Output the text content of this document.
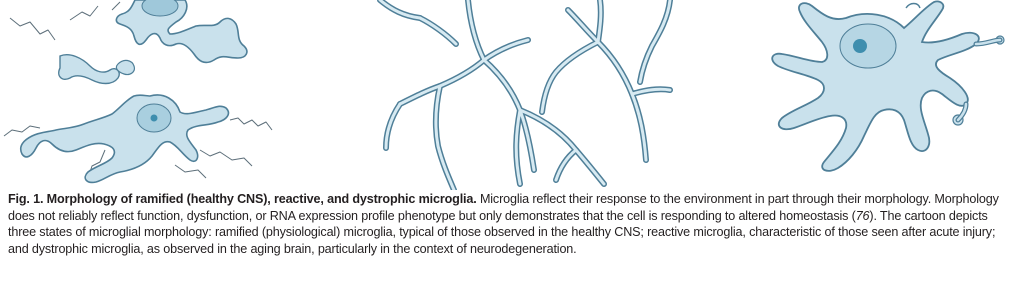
Fig. 1. Morphology of ramified (healthy CNS), reactive, and dystrophic microglia. Microglia reflect their response to the environment in part through their morphology. Morphology does not reliably reflect function, dysfunction, or RNA expression profile phenotype but only demonstrates that the cell is responding to altered homeostasis (76). The cartoon depicts three states of microglial morphology: ramified (physiological) microglia, typical of those observed in the healthy CNS; reactive microglia, characteristic of those seen after acute injury; and dystrophic microglia, as observed in the aging brain, particularly in the context of neurodegeneration.
